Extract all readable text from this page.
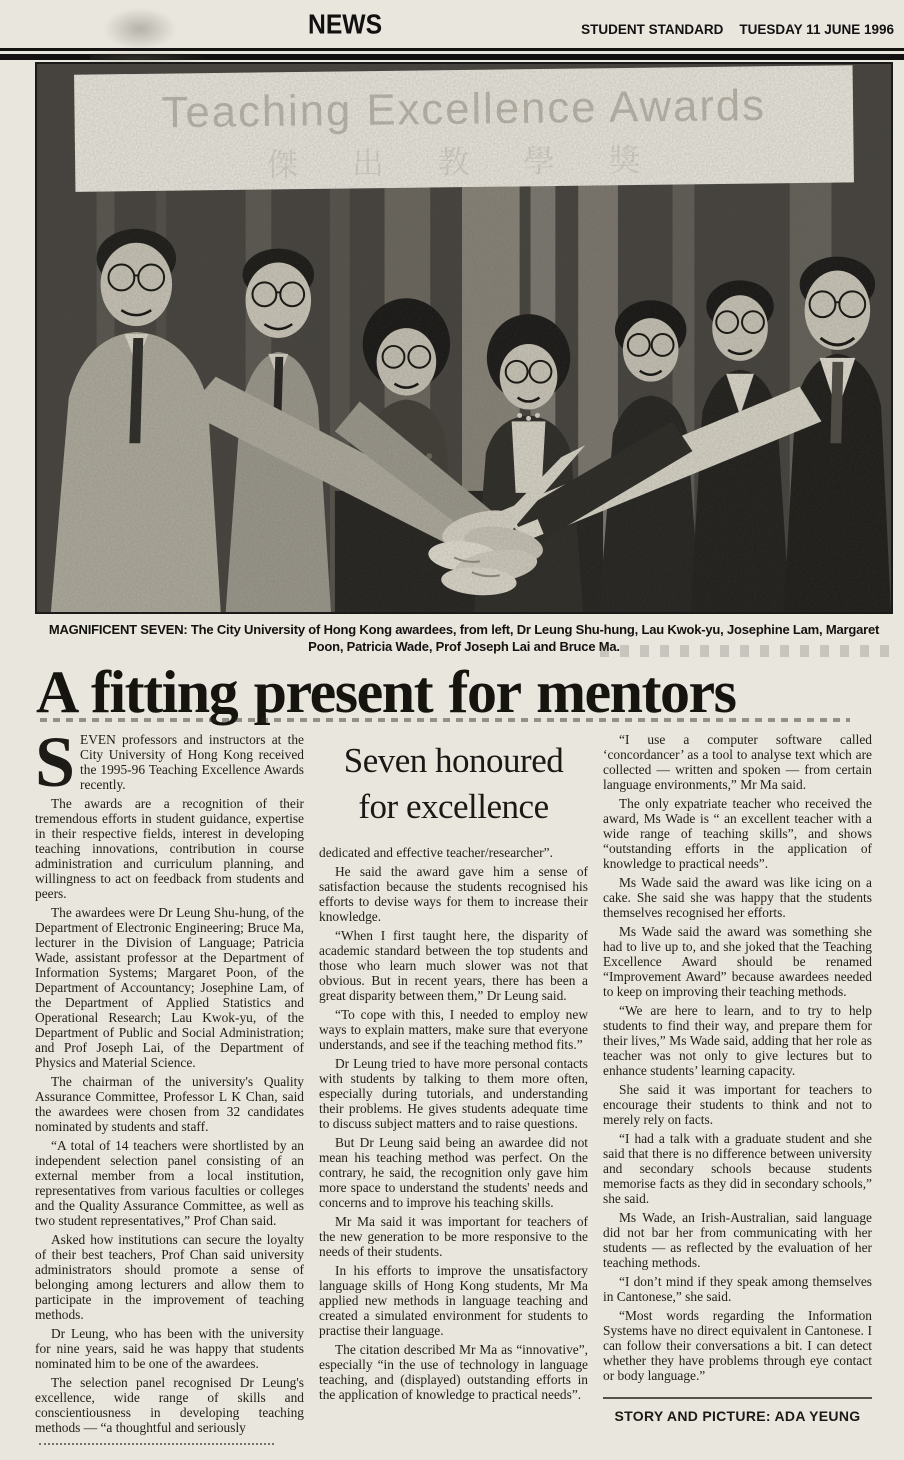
NEWS	STUDENT STANDARD TUESDAY 11 JUNE 1996
Teaching Excellence Awards
傑 出 教 學 獎
MAGNIFICENT SEVEN: The City University of Hong Kong awardees, from left, Dr Leung Shu-hung, Lau Kwok-yu, Josephine Lam, Margaret Poon, Patricia Wade, Prof Joseph Lai and Bruce Ma.
A fitting present for mentors

SEVEN professors and instructors at the City University of Hong Kong received the 1995-96 Teaching Excellence Awards recently.

The awards are a recognition of their tremendous efforts in student guidance, expertise in their respective fields, interest in developing teaching innovations, contribution in course administration and curriculum planning, and willingness to act on feedback from students and peers.

The awardees were Dr Leung Shu-hung, of the Department of Electronic Engineering; Bruce Ma, lecturer in the Division of Language; Patricia Wade, assistant professor at the Department of Information Systems; Margaret Poon, of the Department of Accountancy; Josephine Lam, of the Department of Applied Statistics and Operational Research; Lau Kwok-yu, of the Department of Public and Social Administration; and Prof Joseph Lai, of the Department of Physics and Material Science.

The chairman of the university's Quality Assurance Committee, Professor L K Chan, said the awardees were chosen from 32 candidates nominated by students and staff.

“A total of 14 teachers were shortlisted by an independent selection panel consisting of an external member from a local institution, representatives from various faculties or colleges and the Quality Assurance Committee, as well as two student representatives,” Prof Chan said.

Asked how institutions can secure the loyalty of their best teachers, Prof Chan said university administrators should promote a sense of belonging among lecturers and allow them to participate in the improvement of teaching methods.

Dr Leung, who has been with the university for nine years, said he was happy that students nominated him to be one of the awardees.

The selection panel recognised Dr Leung's excellence, wide range of skills and conscientiousness in developing teaching methods — “a thoughtful and seriously

Seven honoured
for excellence

dedicated and effective teacher/researcher”.

He said the award gave him a sense of satisfaction because the students recognised his efforts to devise ways for them to increase their knowledge.

“When I first taught here, the disparity of academic standard between the top students and those who learn much slower was not that obvious. But in recent years, there has been a great disparity between them,” Dr Leung said.

“To cope with this, I needed to employ new ways to explain matters, make sure that everyone understands, and see if the teaching method fits.”

Dr Leung tried to have more personal contacts with students by talking to them more often, especially during tutorials, and understanding their problems. He gives students adequate time to discuss subject matters and to raise questions.

But Dr Leung said being an awardee did not mean his teaching method was perfect. On the contrary, he said, the recognition only gave him more space to understand the students' needs and concerns and to improve his teaching skills.

Mr Ma said it was important for teachers of the new generation to be more responsive to the needs of their students.

In his efforts to improve the unsatisfactory language skills of Hong Kong students, Mr Ma applied new methods in language teaching and created a simulated environment for students to practise their language.

The citation described Mr Ma as “innovative”, especially “in the use of technology in language teaching, and (displayed) outstanding efforts in the application of knowledge to practical needs”.

“I use a computer software called ‘concordancer’ as a tool to analyse text which are collected — written and spoken — from certain language environments,” Mr Ma said.

The only expatriate teacher who received the award, Ms Wade is “ an excellent teacher with a wide range of teaching skills”, and shows “outstanding efforts in the application of knowledge to practical needs”.

Ms Wade said the award was like icing on a cake. She said she was happy that the students themselves recognised her efforts.

Ms Wade said the award was something she had to live up to, and she joked that the Teaching Excellence Award should be renamed “Improvement Award” because awardees needed to keep on improving their teaching methods.

“We are here to learn, and to try to help students to find their way, and prepare them for their lives,” Ms Wade said, adding that her role as teacher was not only to give lectures but to enhance students’ learning capacity.

She said it was important for teachers to encourage their students to think and not to merely rely on facts.

“I had a talk with a graduate student and she said that there is no difference between university and secondary schools because students memorise facts as they did in secondary schools,” she said.

Ms Wade, an Irish-Australian, said language did not bar her from communicating with her students — as reflected by the evaluation of her teaching methods.

“I don’t mind if they speak among themselves in Cantonese,” she said.

“Most words regarding the Information Systems have no direct equivalent in Cantonese. I can follow their conversations a bit. I can detect whether they have problems through eye contact or body language.”

STORY AND PICTURE: ADA YEUNG
